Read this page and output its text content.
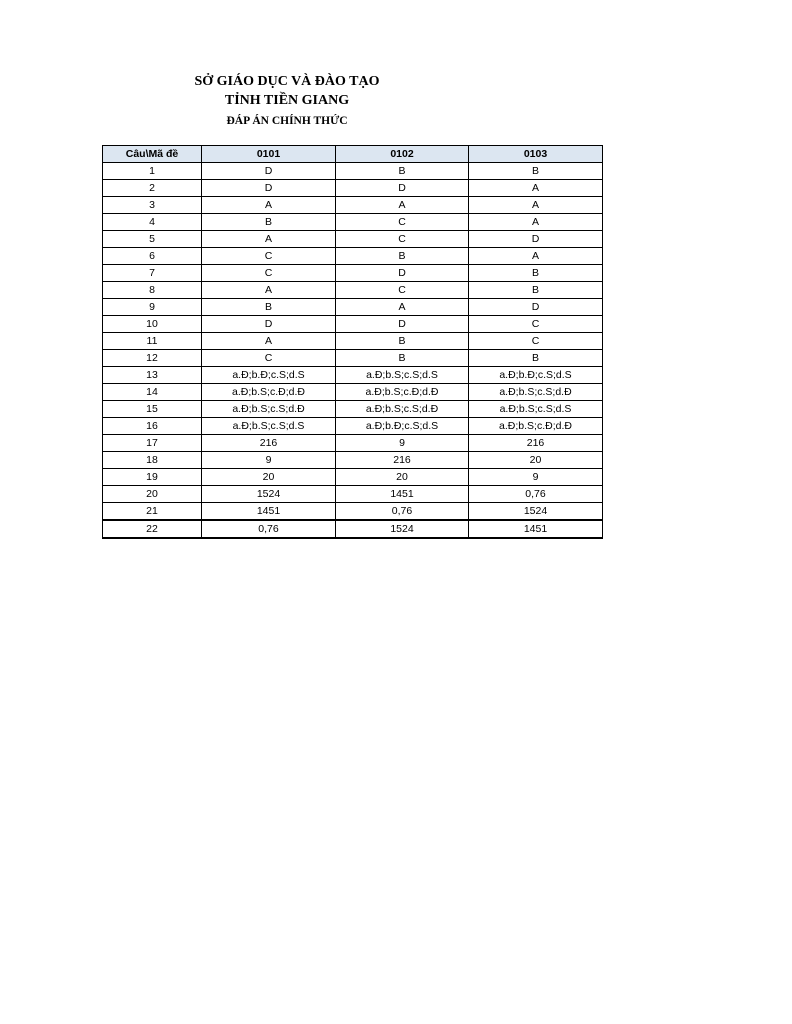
SỞ GIÁO DỤC VÀ ĐÀO TẠO
TỈNH TIỀN GIANG
ĐÁP ÁN CHÍNH THỨC
Câu\Mã đề	0101	0102	0103
1	D	B	B
2	D	D	A
3	A	A	A
4	B	C	A
5	A	C	D
6	C	B	A
7	C	D	B
8	A	C	B
9	B	A	D
10	D	D	C
11	A	B	C
12	C	B	B
13	a.Đ;b.Đ;c.S;d.S	a.Đ;b.S;c.S;d.S	a.Đ;b.Đ;c.S;d.S
14	a.Đ;b.S;c.Đ;d.Đ	a.Đ;b.S;c.Đ;d.Đ	a.Đ;b.S;c.S;d.Đ
15	a.Đ;b.S;c.S;d.Đ	a.Đ;b.S;c.S;d.Đ	a.Đ;b.S;c.S;d.S
16	a.Đ;b.S;c.S;d.S	a.Đ;b.Đ;c.S;d.S	a.Đ;b.S;c.Đ;d.Đ
17	216	9	216
18	9	216	20
19	20	20	9
20	1524	1451	0,76
21	1451	0,76	1524
22	0,76	1524	1451
